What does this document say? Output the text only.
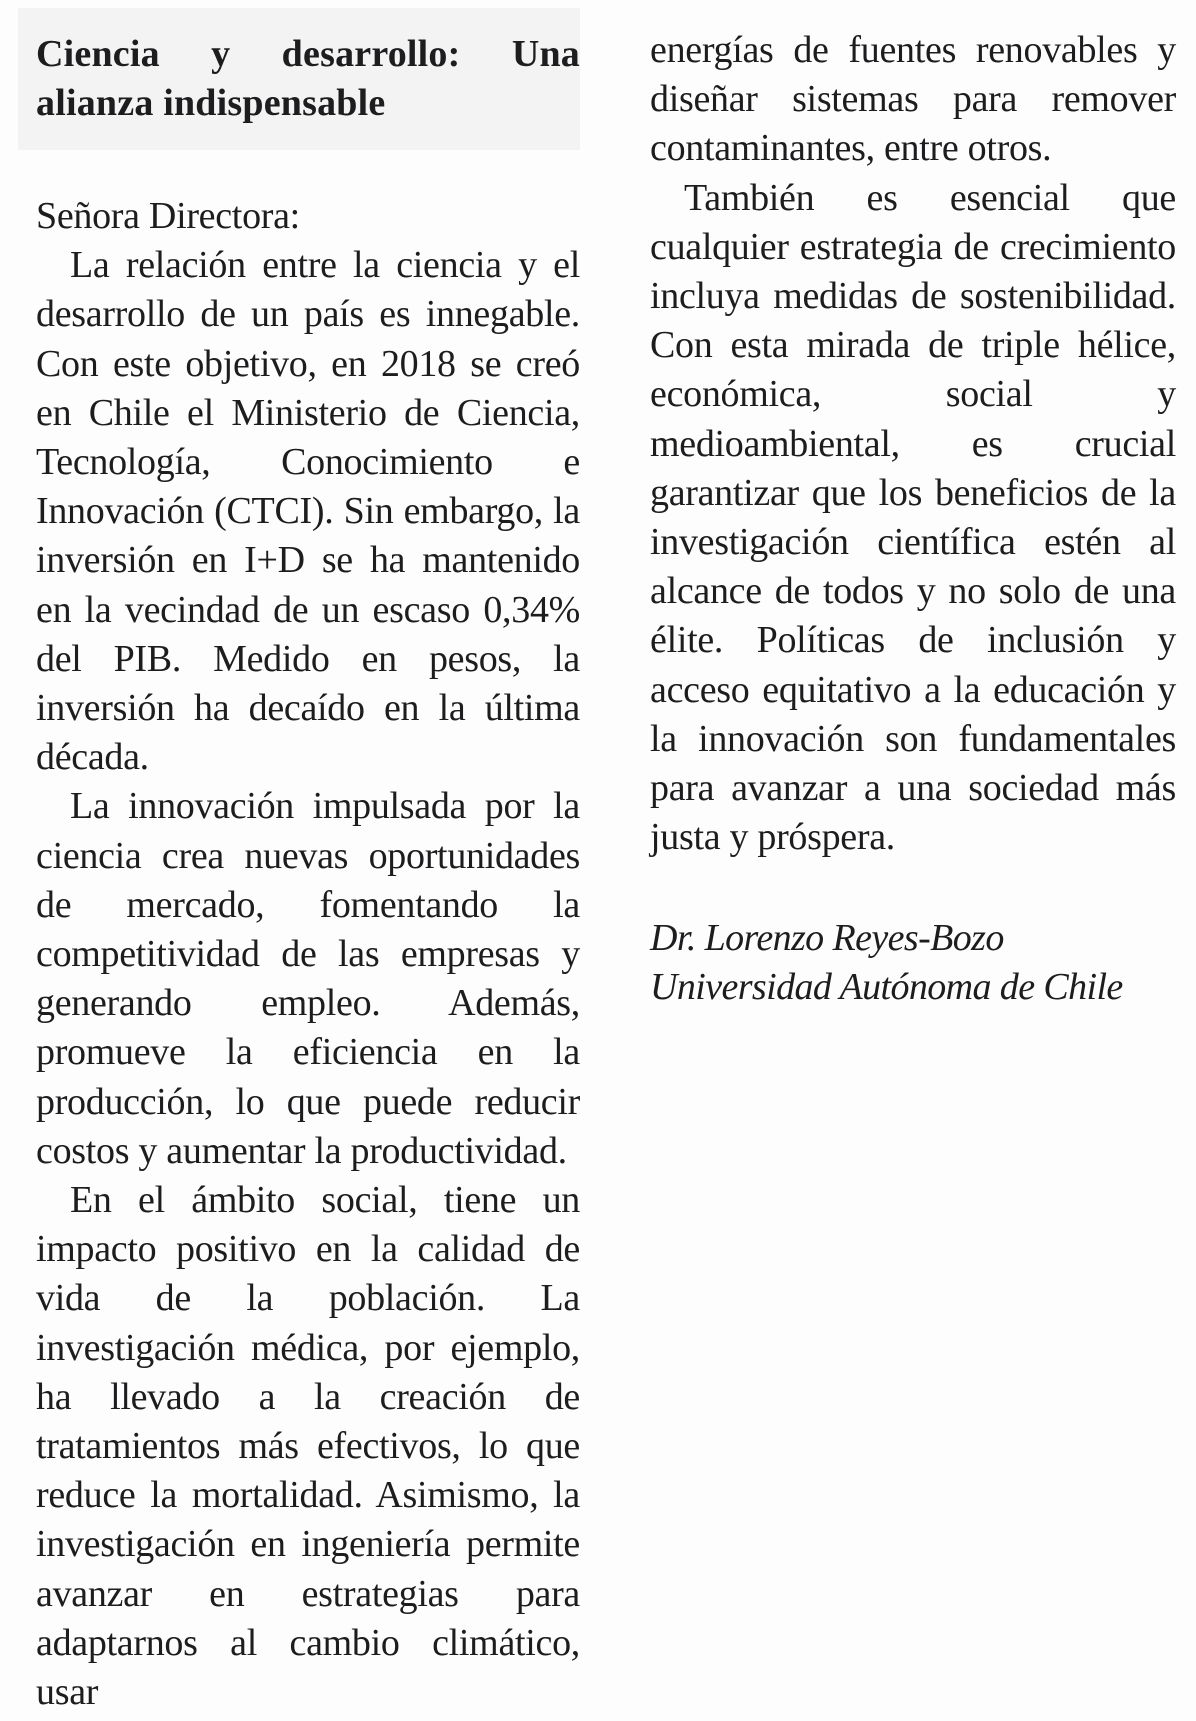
Ciencia y desarrollo: Una alianza indispensable

Señora Directora:

La relación entre la ciencia y el desarrollo de un país es innegable. Con este objetivo, en 2018 se creó en Chile el Ministerio de Ciencia, Tecnología, Conocimiento e Innovación (CTCI). Sin embargo, la inversión en I+D se ha mantenido en la vecindad de un escaso 0,34% del PIB. Medido en pesos, la inversión ha decaído en la última década.

La innovación impulsada por la ciencia crea nuevas oportunidades de mercado, fomentando la competitividad de las empresas y generando empleo. Además, promueve la eficiencia en la producción, lo que puede reducir costos y aumentar la productividad.

En el ámbito social, tiene un impacto positivo en la calidad de vida de la población. La investigación médica, por ejemplo, ha llevado a la creación de tratamientos más efectivos, lo que reduce la mortalidad. Asimismo, la investigación en ingeniería permite avanzar en estrategias para adaptarnos al cambio climático, usar

energías de fuentes renovables y diseñar sistemas para remover contaminantes, entre otros.

También es esencial que cualquier estrategia de crecimiento incluya medidas de sostenibilidad. Con esta mirada de triple hélice, económica, social y medioambiental, es crucial garantizar que los beneficios de la investigación científica estén al alcance de todos y no solo de una élite. Políticas de inclusión y acceso equitativo a la educación y la innovación son fundamentales para avanzar a una sociedad más justa y próspera.

Dr. Lorenzo Reyes-Bozo
Universidad Autónoma de Chile
